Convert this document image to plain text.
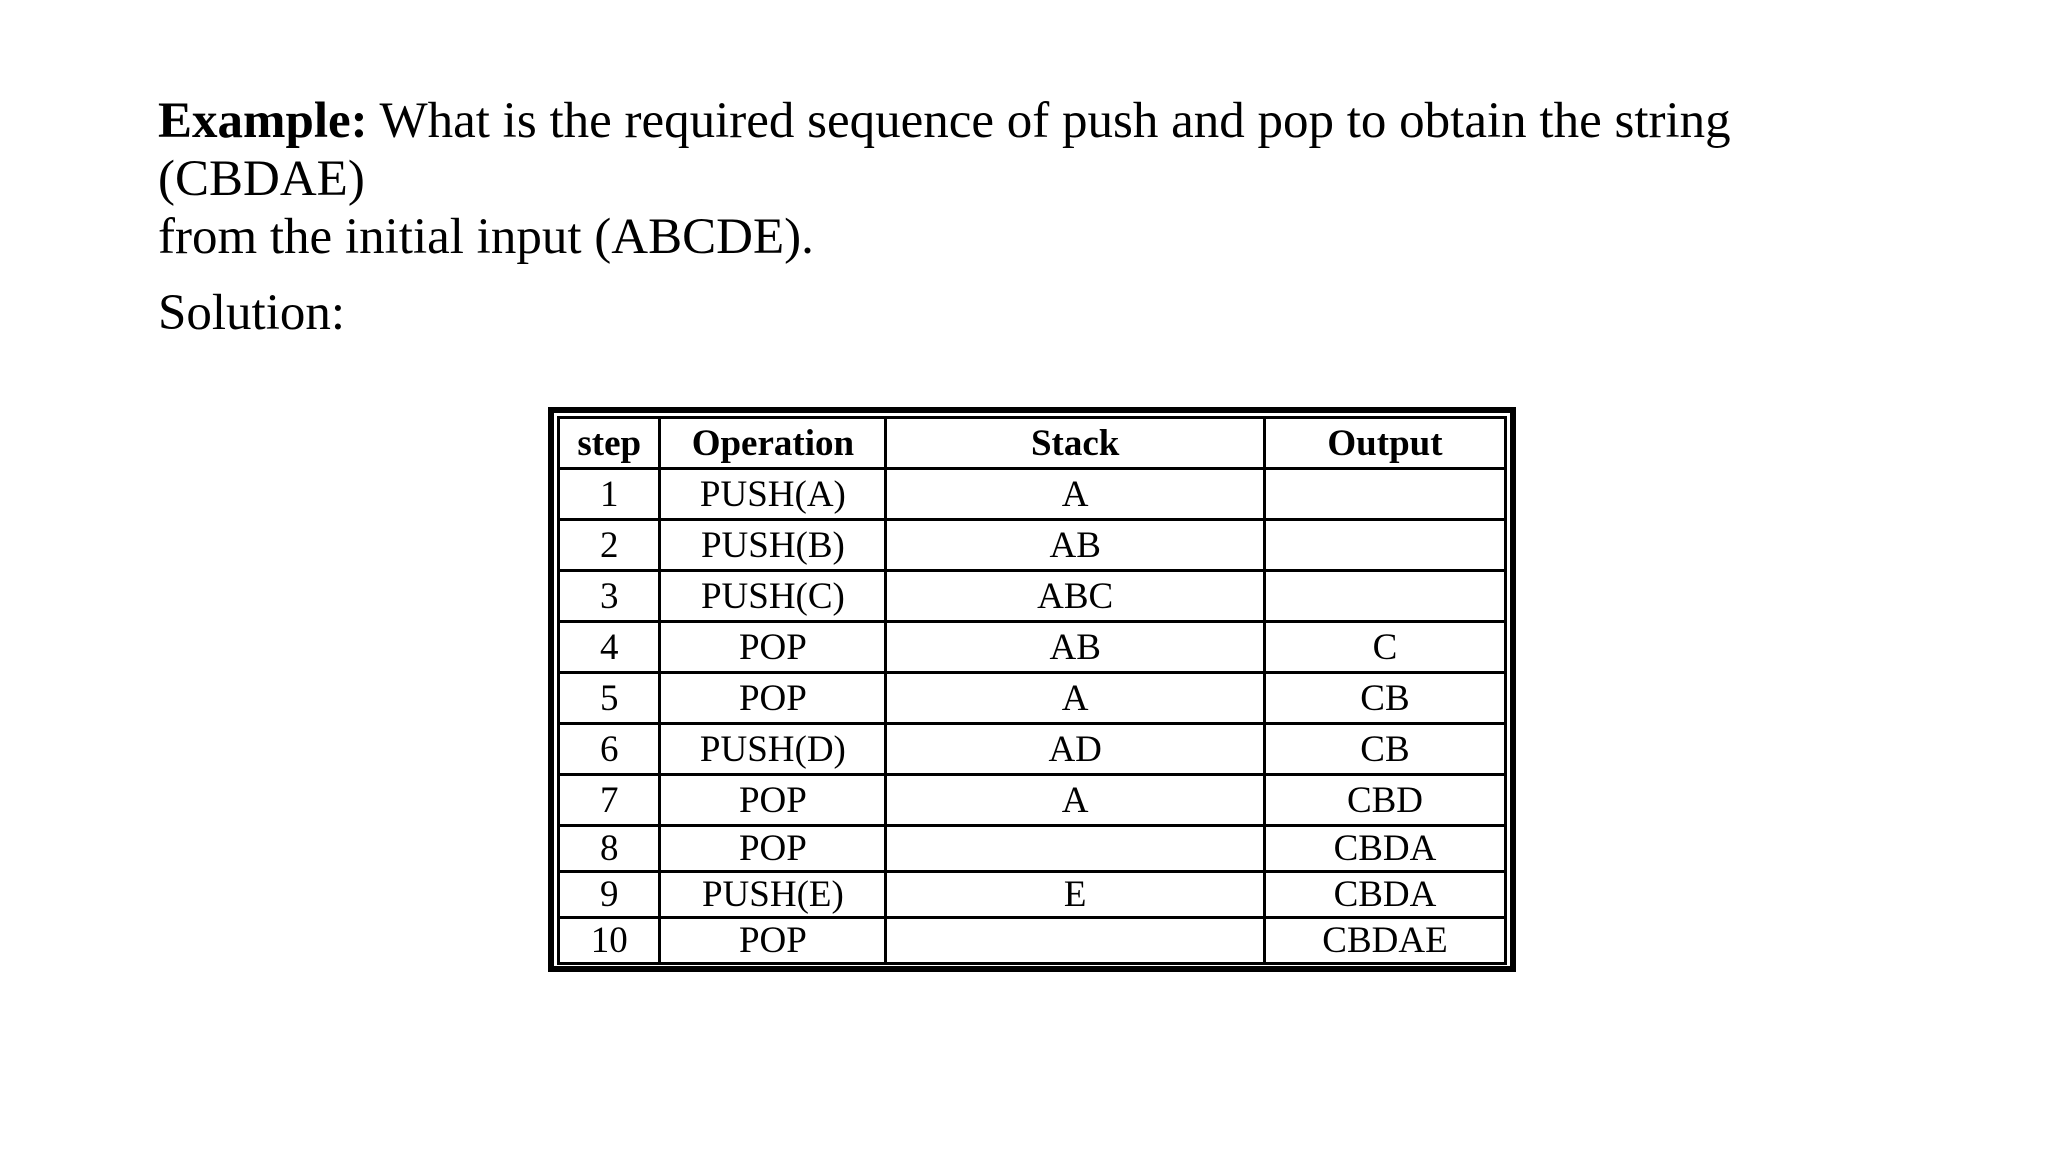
Example: What is the required sequence of push and pop to obtain the string
(CBDAE)
from the initial input (ABCDE).
Solution:
step	Operation	Stack	Output
1	PUSH(A)	A	
2	PUSH(B)	AB	
3	PUSH(C)	ABC	
4	POP	AB	C
5	POP	A	CB
6	PUSH(D)	AD	CB
7	POP	A	CBD
8	POP		CBDA
9	PUSH(E)	E	CBDA
10	POP		CBDAE
